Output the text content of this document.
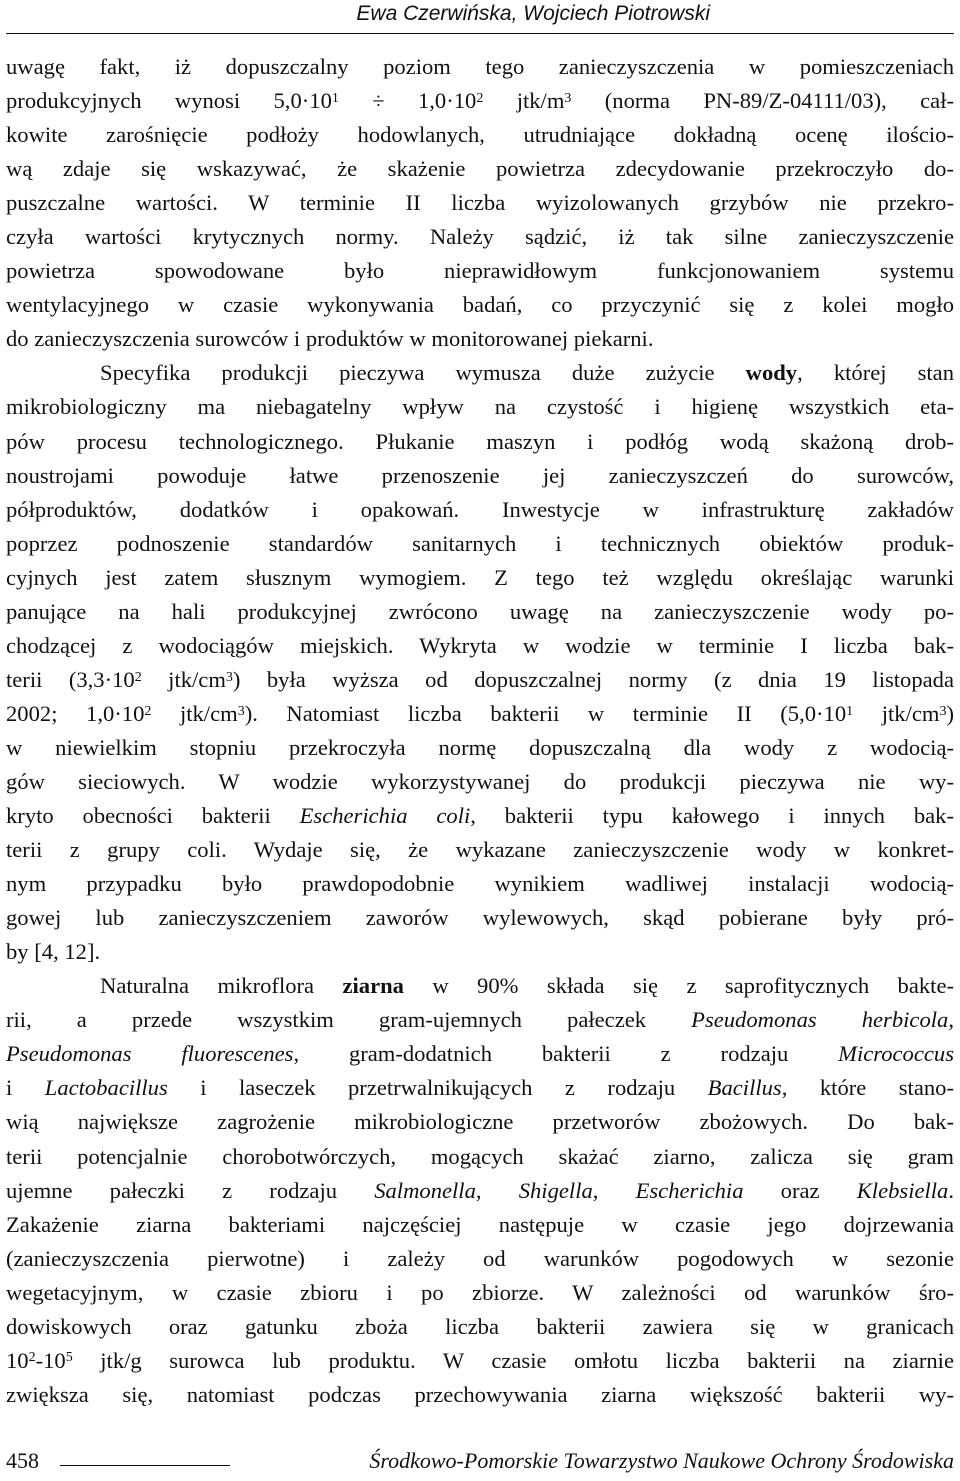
Ewa Czerwińska, Wojciech Piotrowski
uwagę fakt, iż dopuszczalny poziom tego zanieczyszczenia w pomieszczeniach
produkcyjnych wynosi $5,0\cdot 10^1 \div 1,0\cdot 10^2$ jtk/$m^3$ (norma PN-89/Z-04111/03), cał-
kowite zarośnięcie podłoży hodowlanych, utrudniające dokładną ocenę ilościo-
wą zdaje się wskazywać, że skażenie powietrza zdecydowanie przekroczyło do-
puszczalne wartości. W terminie II liczba wyizolowanych grzybów nie przekro-
czyła wartości krytycznych normy. Należy sądzić, iż tak silne zanieczyszczenie
powietrza spowodowane było nieprawidłowym funkcjonowaniem systemu
wentylacyjnego w czasie wykonywania badań, co przyczynić się z kolei mogło
do zanieczyszczenia surowców i produktów w monitorowanej piekarni.
Specyfika produkcji pieczywa wymusza duże zużycie wody, której stan
mikrobiologiczny ma niebagatelny wpływ na czystość i higienę wszystkich eta-
pów procesu technologicznego. Płukanie maszyn i podłóg wodą skażoną drob-
noustrojami powoduje łatwe przenoszenie jej zanieczyszczeń do surowców,
półproduktów, dodatków i opakowań. Inwestycje w infrastrukturę zakładów
poprzez podnoszenie standardów sanitarnych i technicznych obiektów produk-
cyjnych jest zatem słusznym wymogiem. Z tego też względu określając warunki
panujące na hali produkcyjnej zwrócono uwagę na zanieczyszczenie wody po-
chodzącej z wodociągów miejskich. Wykryta w wodzie w terminie I liczba bak-
terii ($3,3\cdot 10^2$ jtk/$cm^3$) była wyższa od dopuszczalnej normy (z dnia 19 listopada
2002; $1,0\cdot 10^2$ jtk/$cm^3$). Natomiast liczba bakterii w terminie II ($5,0\cdot 10^1$ jtk/$cm^3$)
w niewielkim stopniu przekroczyła normę dopuszczalną dla wody z wodocią-
gów sieciowych. W wodzie wykorzystywanej do produkcji pieczywa nie wy-
kryto obecności bakterii Escherichia coli, bakterii typu kałowego i innych bak-
terii z grupy coli. Wydaje się, że wykazane zanieczyszczenie wody w konkret-
nym przypadku było prawdopodobnie wynikiem wadliwej instalacji wodocią-
gowej lub zanieczyszczeniem zaworów wylewowych, skąd pobierane były pró-
by [4, 12].
Naturalna mikroflora ziarna w 90% składa się z saprofitycznych bakte-
rii, a przede wszystkim gram-ujemnych pałeczek Pseudomonas herbicola,
Pseudomonas fluorescenes, gram-dodatnich bakterii z rodzaju Micrococcus
i Lactobacillus i laseczek przetrwalnikujących z rodzaju Bacillus, które stano-
wią największe zagrożenie mikrobiologiczne przetworów zbożowych. Do bak-
terii potencjalnie chorobotwórczych, mogących skażać ziarno, zalicza się gram
ujemne pałeczki z rodzaju Salmonella, Shigella, Escherichia oraz Klebsiella.
Zakażenie ziarna bakteriami najczęściej następuje w czasie jego dojrzewania
(zanieczyszczenia pierwotne) i zależy od warunków pogodowych w sezonie
wegetacyjnym, w czasie zbioru i po zbiorze. W zależności od warunków śro-
dowiskowych oraz gatunku zboża liczba bakterii zawiera się w granicach
$10^2-10^5$ jtk/g surowca lub produktu. W czasie omłotu liczba bakterii na ziarnie
zwiększa się, natomiast podczas przechowywania ziarna większość bakterii wy-
458	Środkowo-Pomorskie Towarzystwo Naukowe Ochrony Środowiska
